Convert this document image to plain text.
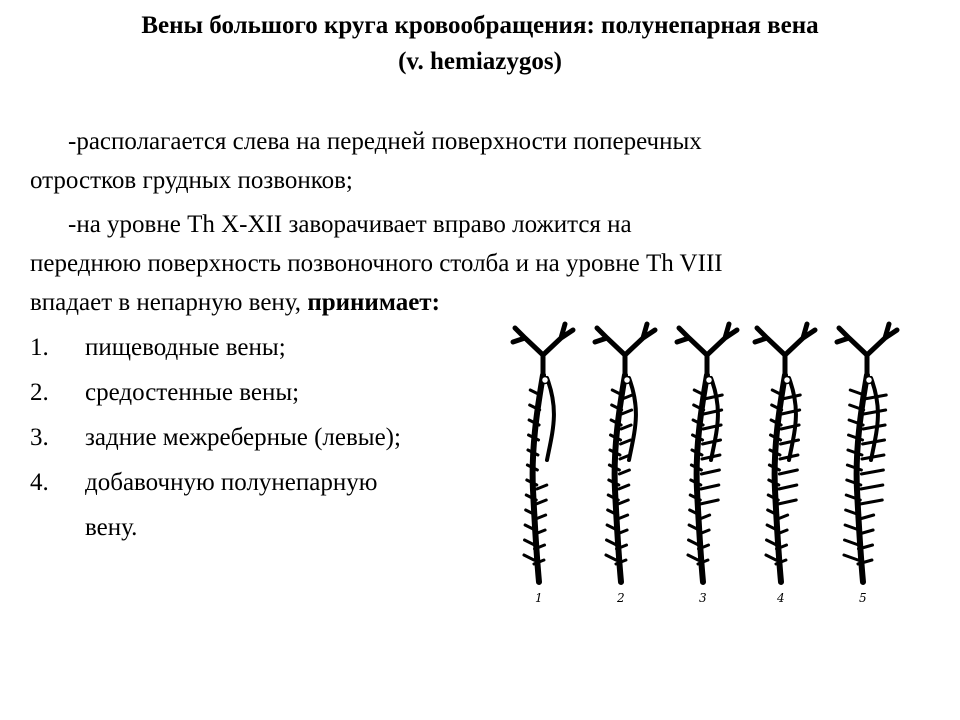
Вены большого круга кровообращения: полунепарная вена
(v. hemiazygos)
-располагается слева на передней поверхности поперечных
отростков грудных позвонков;
-на уровне Th X-XII заворачивает вправо ложится на
переднюю поверхность позвоночного столба и на уровне Th VIII
впадает в непарную вену, принимает:
1. пищеводные вены;
2. средостенные вены;
3. задние межреберные (левые);
4. добавочную полунепарную
вену.
1	2	3	4	5
